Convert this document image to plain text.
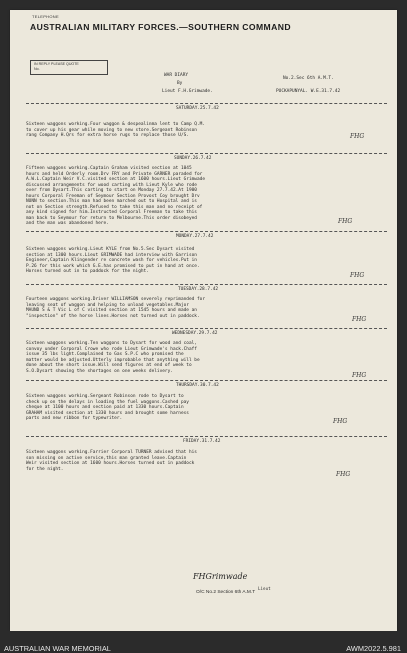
TELEPHONE
AUSTRALIAN MILITARY FORCES.—SOUTHERN COMMAND
IN REPLY PLEASE QUOTE
No.
WAR DIARY
By
Lieut F.H.Grimwade.
No.2.Sec 6th A.M.T.
PUCKAPUNYAL. W.E.31.7.42
SATURDAY.25.7.42
Sixteen waggons working.Four waggon & despealinma lent to Camp Q.M.
to cover up his gear while moving to new store.Sergeant Robinson
rang Company H.Qrs for extra horse rugs to replace those U/S.	FHG
SUNDAY.26.7.42
Fifteen waggons working.Captain Graham visited section at 1045
hours and held Orderly room.Drv FRY and Private GARNER paraded for
A.W.L.Captain Weir V.C.visited section at 1600 hours.Lieut Grimwade
discussed arrangements for wood carting with Lieut Kyle who rode
over from Dysart.This carting to start on Monday 27.7.42.At 1900
hours Corporal Freeman of Seymour Section Provost Coy brought Drv
NUNN to section.This man had been marched out to Hospital and is
not on Section strength.Refused to take this man and no receipt of
any kind signed for him.Instructed Corporal Freeman to take this
man back to Seymour for return to Melbourne.This order disobeyed
and the man was abandoned here.	FHG
MONDAY.27.7.42
Sixteen waggons working.Lieut KYLE from No.5.Sec Dysart visited
section at 1300 hours.Lieut GRIMWADE had interview with Garrison
Engineer,Captain Klingender re concrete wash for vehicles.Put in
P.26 for this work which G.E.has promised to put in hand at once.
Horses turned out in to paddock for the night.
FHG
TUESDAY.28.7.42
Fourteen waggons working.Driver WILLIAMSON severely reprimanded for
leaving seat of waggon and helping to unload vegetables.Major
MAUND S & T Vic L of C visited section at 1545 hours and made an
"inspection" of the horse lines.Horses not turned out in paddock.	FHG
WEDNESDAY.29.7.42
Sixteen waggons working.Ten waggons to Dysart for wood and coal,
convoy under Corporal Crowe who rode Lieut Grimwade's hack.Chaff
issue 35 lbs light.Complained to Gas S.P.C who promised the
matter would be adjusted.Utterly improbable that anything will be
done about the short issue.Will send figures at end of week to
S.O.Dysart showing the shortages on one weeks delivery.
FHG
THURSDAY.30.7.42
Sixteen waggons working.Sergeant Robinson rode to Dysart to
check up on the delays in loading the fuel waggons.Cashed pay
cheque at 1100 hours and section paid at 1330 hours.Captain
GRAHAM visited section at 1330 hours and brought some harness
parts and new ribbon for typewriter.	FHG
FRIDAY.31.7.42
Sixteen waggons working.Farrier Corporal TURNER advised that his
son missing on active service,this man granted leave.Captain
Weir visited section at 1600 hours.Horses turned out in paddock
for the night.
FHG
FHGrimwade
Lieut
O/C No.2 Section 6th A.M.T
AUSTRALIAN WAR MEMORIAL	AWM2022.5.981
